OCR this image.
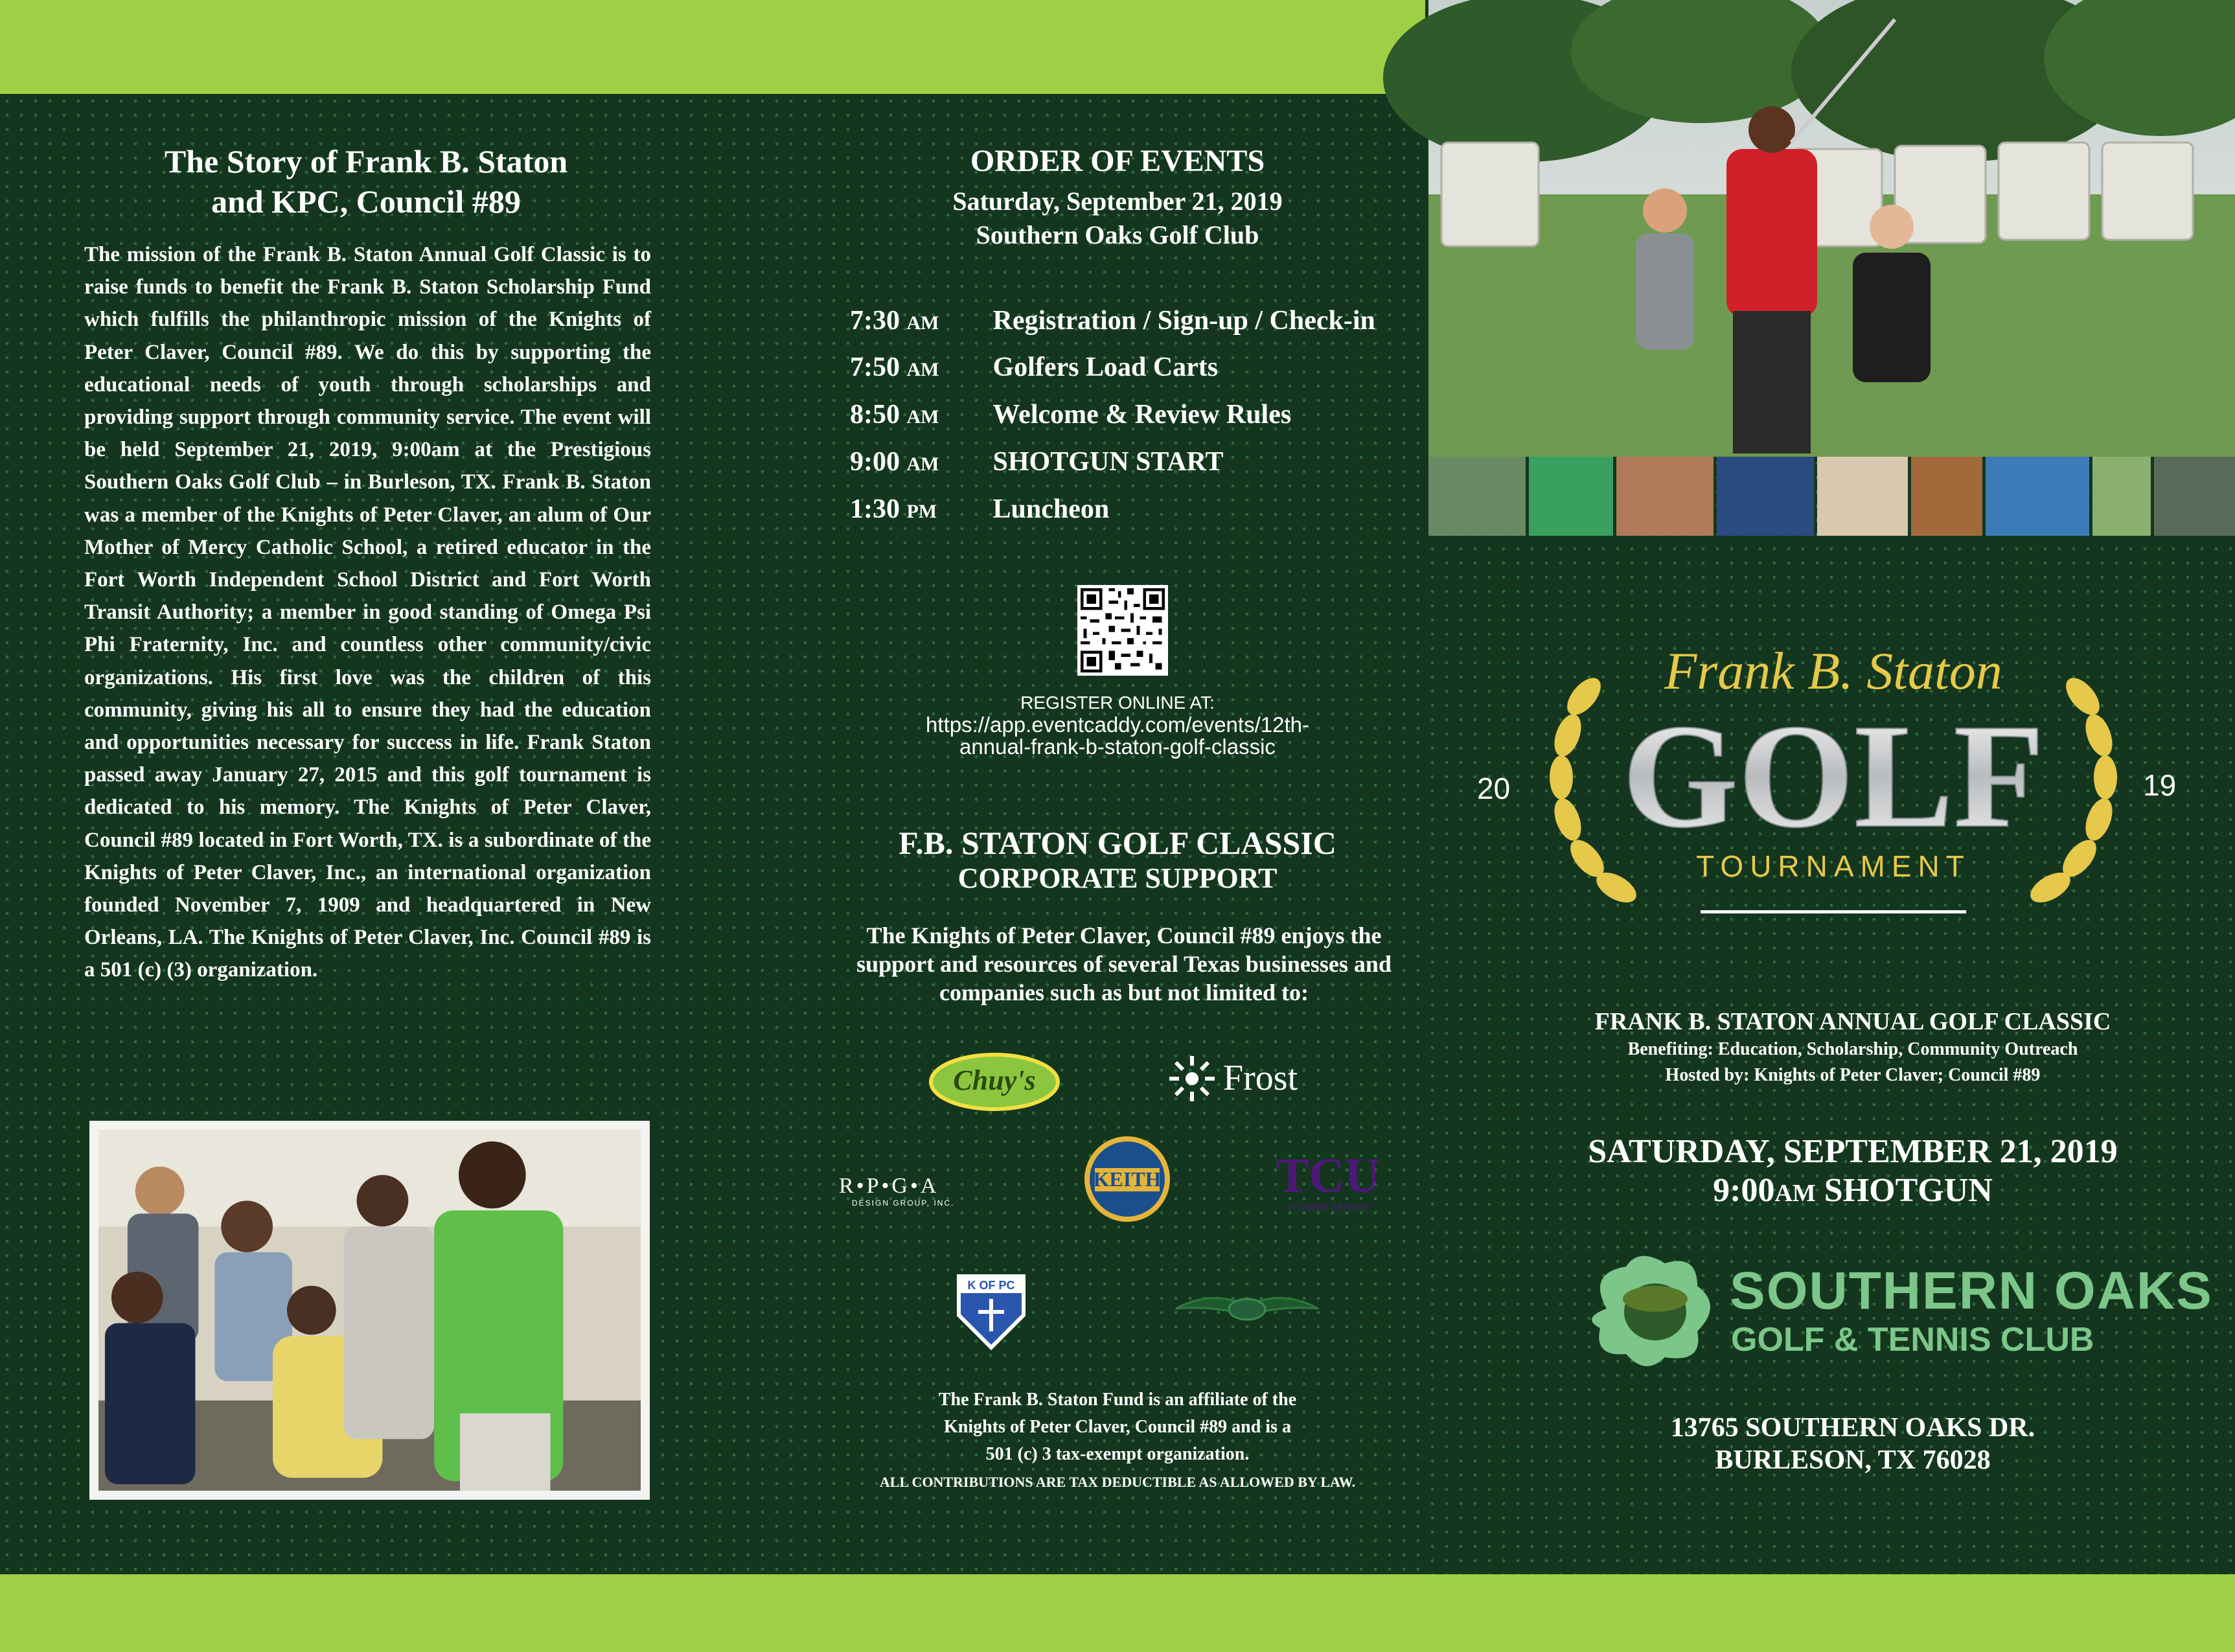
The Story of Frank B. Staton
and KPC, Council #89
The mission of the Frank B. Staton Annual Golf Classic is to raise funds to benefit the Frank B. Staton Scholarship Fund which fulfills the philanthropic mission of the Knights of Peter Claver, Council #89. We do this by supporting the educational needs of youth through scholarships and providing support through community service. The event will be held September 21, 2019, 9:00am at the Prestigious Southern Oaks Golf Club – in Burleson, TX. Frank B. Staton was a member of the Knights of Peter Claver, an alum of Our Mother of Mercy Catholic School, a retired educator in the Fort Worth Independent School District and Fort Worth Transit Authority; a member in good standing of Omega Psi Phi Fraternity, Inc. and countless other community/civic organizations. His first love was the children of this community, giving his all to ensure they had the education and opportunities necessary for success in life. Frank Staton passed away January 27, 2015 and this golf tournament is dedicated to his memory. The Knights of Peter Claver, Council #89 located in Fort Worth, TX. is a subordinate of the Knights of Peter Claver, Inc., an international organization founded November 7, 1909 and headquartered in New Orleans, LA. The Knights of Peter Claver, Inc. Council #89 is a 501 (c) (3) organization.
ORDER OF EVENTS
Saturday, September 21, 2019
Southern Oaks Golf Club
7:30 AM Registration / Sign-up / Check-in
7:50 AM Golfers Load Carts
8:50 AM Welcome & Review Rules
9:00 AM SHOTGUN START
1:30 PM Luncheon
REGISTER ONLINE AT:
https://app.eventcaddy.com/events/12th-
annual-frank-b-staton-golf-classic
F.B. STATON GOLF CLASSIC
CORPORATE SUPPORT
The Knights of Peter Claver, Council #89 enjoys the support and resources of several Texas businesses and companies such as but not limited to:
Chuy's	Frost
R•P•G•A
DESIGN GROUP, INC.
KEITH TCU
STUDENT AFFAIRS
K OF PC
The Frank B. Staton Fund is an affiliate of the
Knights of Peter Claver, Council #89 and is a
501 (c) 3 tax-exempt organization.
ALL CONTRIBUTIONS ARE TAX DEDUCTIBLE AS ALLOWED BY LAW.
20	19
Frank B. Staton
GOLF
TOURNAMENT
FRANK B. STATON ANNUAL GOLF CLASSIC
Benefiting: Education, Scholarship, Community Outreach
Hosted by: Knights of Peter Claver; Council #89
SATURDAY, SEPTEMBER 21, 2019
9:00AM SHOTGUN
SOUTHERN OAKS
GOLF & TENNIS CLUB
13765 SOUTHERN OAKS DR.
BURLESON, TX 76028
